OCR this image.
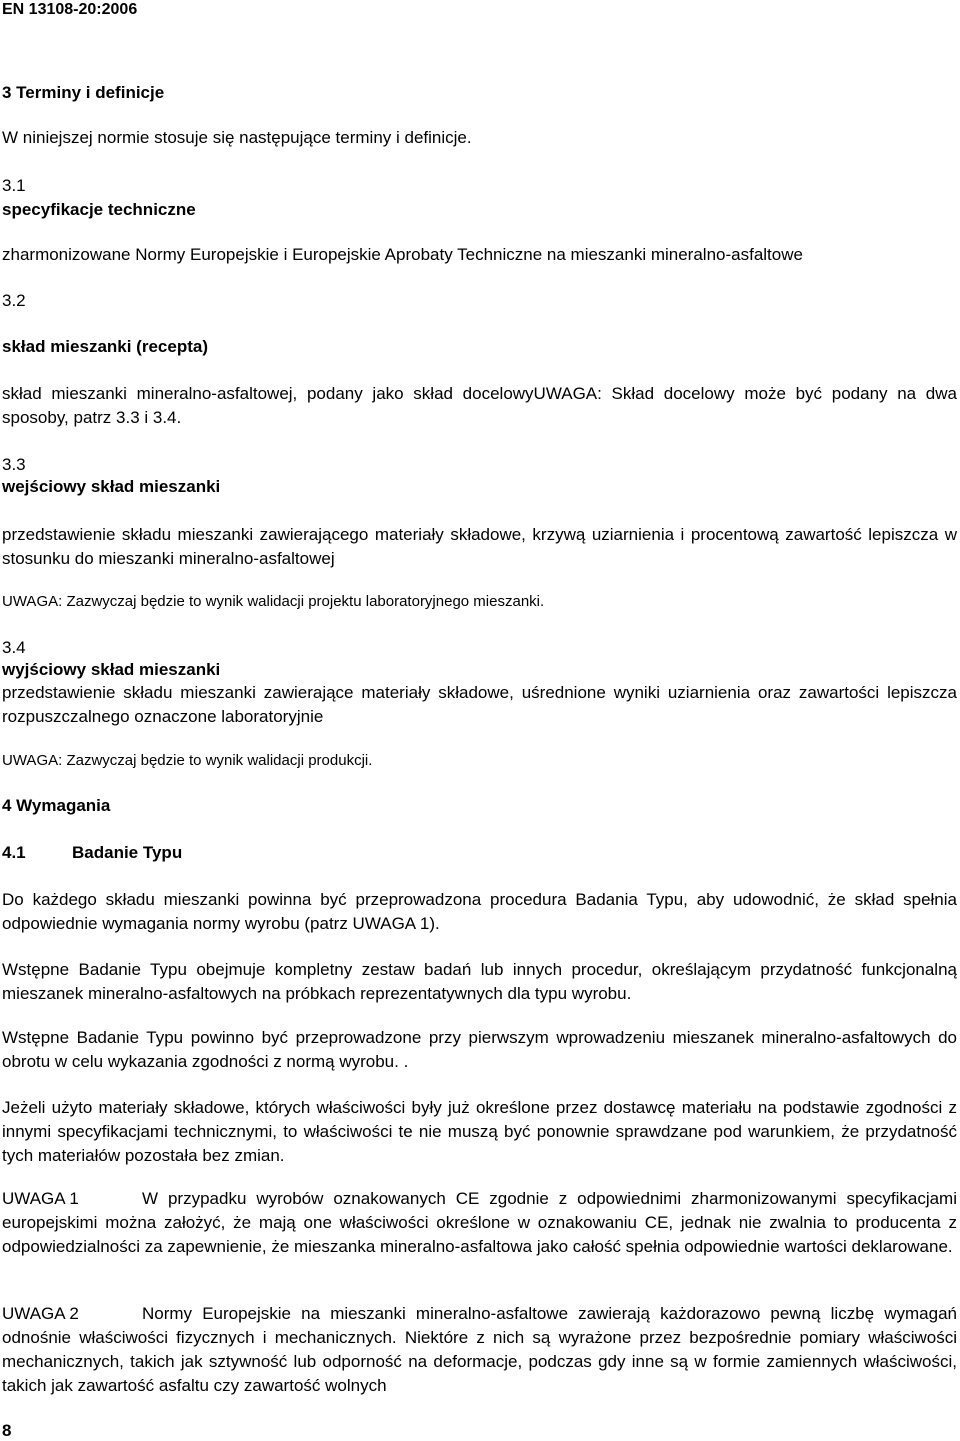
EN 13108-20:2006
3 Terminy i definicje
W niniejszej normie stosuje się następujące terminy i definicje.
3.1
specyfikacje techniczne
zharmonizowane Normy Europejskie i Europejskie Aprobaty Techniczne na mieszanki mineralno-asfaltowe
3.2
skład mieszanki (recepta)
skład mieszanki mineralno-asfaltowej, podany jako skład docelowyUWAGA: Skład docelowy może być podany na dwa sposoby, patrz 3.3 i 3.4.
3.3
wejściowy skład mieszanki
przedstawienie składu mieszanki zawierającego materiały składowe, krzywą uziarnienia i procentową zawartość lepiszcza w stosunku do mieszanki mineralno-asfaltowej
UWAGA: Zazwyczaj będzie to wynik walidacji projektu laboratoryjnego mieszanki.
3.4
wyjściowy skład mieszanki
przedstawienie składu mieszanki zawierające materiały składowe, uśrednione wyniki uziarnienia oraz zawartości lepiszcza rozpuszczalnego oznaczone laboratoryjnie
UWAGA: Zazwyczaj będzie to wynik walidacji produkcji.
4 Wymagania
4.1	Badanie Typu
Do każdego składu mieszanki powinna być przeprowadzona procedura Badania Typu, aby udowodnić, że skład spełnia odpowiednie wymagania normy wyrobu (patrz UWAGA 1).
Wstępne Badanie Typu obejmuje kompletny zestaw badań lub innych procedur, określającym przydatność funkcjonalną mieszanek mineralno-asfaltowych na próbkach reprezentatywnych dla typu wyrobu.
Wstępne Badanie Typu powinno być przeprowadzone przy pierwszym wprowadzeniu mieszanek mineralno-asfaltowych do obrotu w celu wykazania zgodności z normą wyrobu. .
Jeżeli użyto materiały składowe, których właściwości były już określone przez dostawcę materiału na podstawie zgodności z innymi specyfikacjami technicznymi, to właściwości te nie muszą być ponownie sprawdzane pod warunkiem, że przydatność tych materiałów pozostała bez zmian.
UWAGA 1	W przypadku wyrobów oznakowanych CE zgodnie z odpowiednimi zharmonizowanymi specyfikacjami europejskimi można założyć, że mają one właściwości określone w oznakowaniu CE, jednak nie zwalnia to producenta z odpowiedzialności za zapewnienie, że mieszanka mineralno-asfaltowa jako całość spełnia odpowiednie wartości deklarowane.
UWAGA 2	Normy Europejskie na mieszanki mineralno-asfaltowe zawierają każdorazowo pewną liczbę wymagań odnośnie właściwości fizycznych i mechanicznych. Niektóre z nich są wyrażone przez bezpośrednie pomiary właściwości mechanicznych, takich jak sztywność lub odporność na deformacje, podczas gdy inne są w formie zamiennych właściwości, takich jak zawartość asfaltu czy zawartość wolnych
8
